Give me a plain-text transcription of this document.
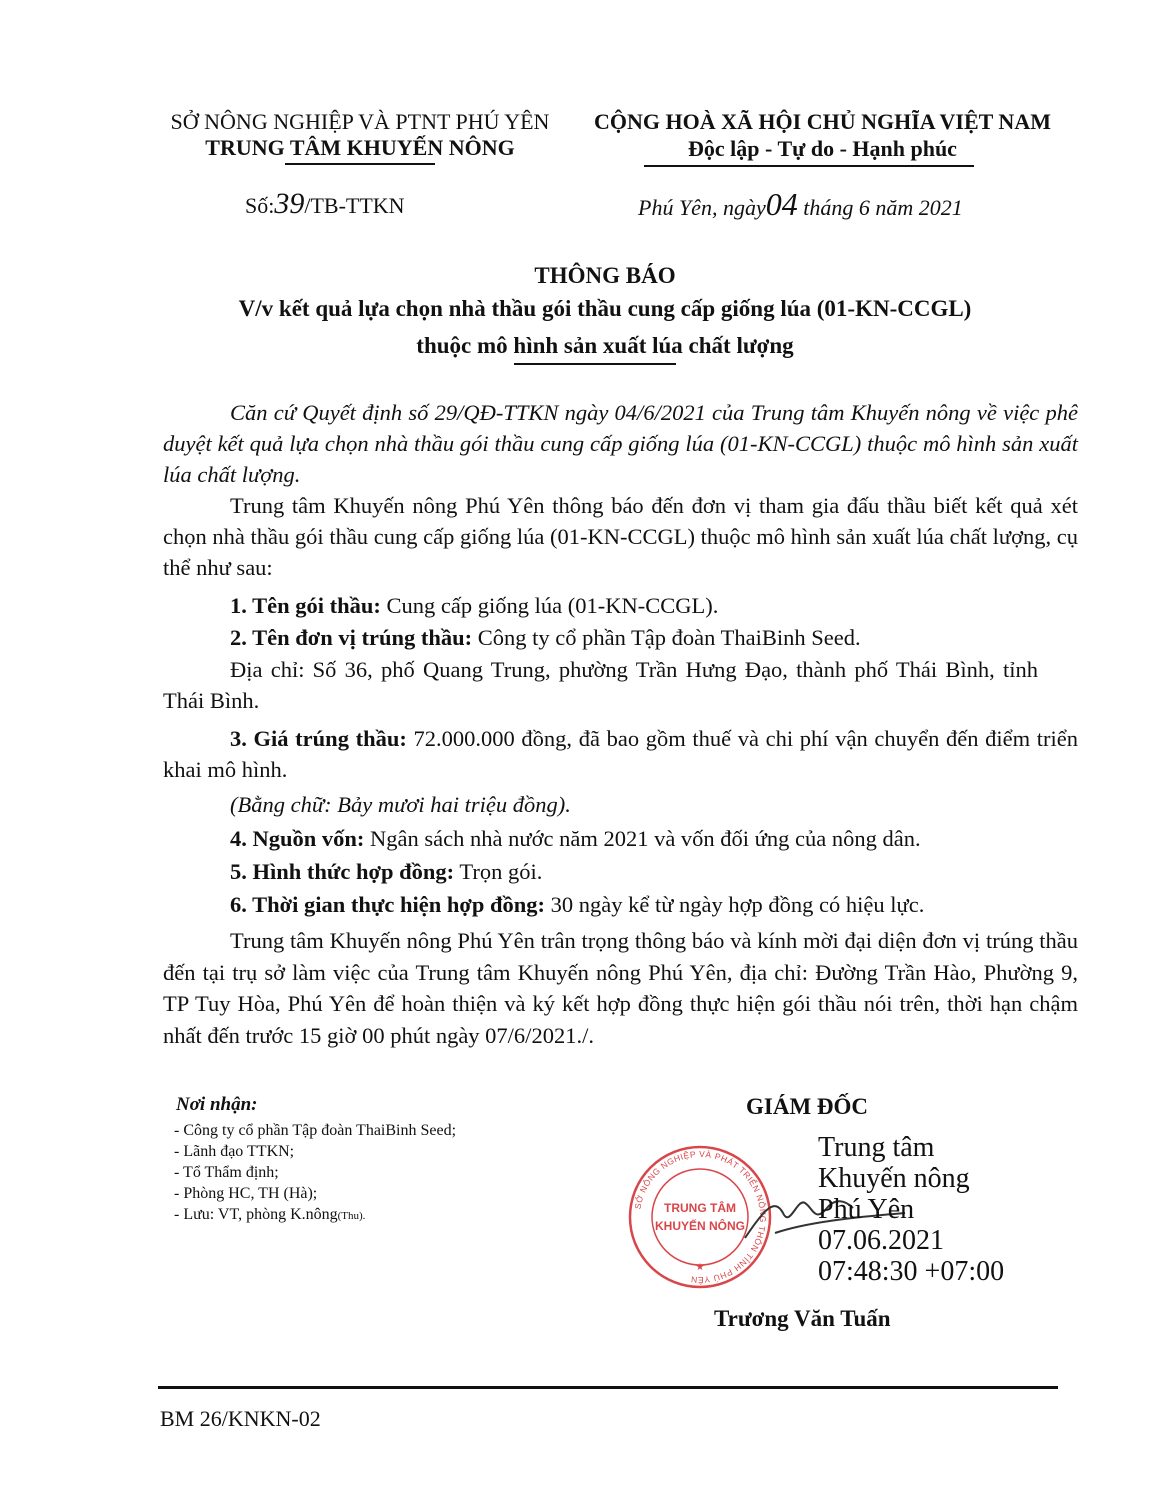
SỞ NÔNG NGHIỆP VÀ PTNT PHÚ YÊN
TRUNG TÂM KHUYẾN NÔNG
CỘNG HOÀ XÃ HỘI CHỦ NGHĨA VIỆT NAM
Độc lập - Tự do - Hạnh phúc
Số:39/TB-TTKN	Phú Yên, ngày04 tháng 6 năm 2021
THÔNG BÁO
V/v kết quả lựa chọn nhà thầu gói thầu cung cấp giống lúa (01-KN-CCGL)
thuộc mô hình sản xuất lúa chất lượng
Căn cứ Quyết định số 29/QĐ-TTKN ngày 04/6/2021 của Trung tâm Khuyến nông về việc phê duyệt kết quả lựa chọn nhà thầu gói thầu cung cấp giống lúa (01-KN-CCGL) thuộc mô hình sản xuất lúa chất lượng.
Trung tâm Khuyến nông Phú Yên thông báo đến đơn vị tham gia đấu thầu biết kết quả xét chọn nhà thầu gói thầu cung cấp giống lúa (01-KN-CCGL) thuộc mô hình sản xuất lúa chất lượng, cụ thể như sau:
1. Tên gói thầu: Cung cấp giống lúa (01-KN-CCGL).
2. Tên đơn vị trúng thầu: Công ty cổ phần Tập đoàn ThaiBinh Seed.
Địa chỉ: Số 36, phố Quang Trung, phường Trần Hưng Đạo, thành phố Thái Bình, tỉnh Thái Bình.
3. Giá trúng thầu: 72.000.000 đồng, đã bao gồm thuế và chi phí vận chuyển đến điểm triển khai mô hình.
(Bằng chữ: Bảy mươi hai triệu đồng).
4. Nguồn vốn: Ngân sách nhà nước năm 2021 và vốn đối ứng của nông dân.
5. Hình thức hợp đồng: Trọn gói.
6. Thời gian thực hiện hợp đồng: 30 ngày kể từ ngày hợp đồng có hiệu lực.
Trung tâm Khuyến nông Phú Yên trân trọng thông báo và kính mời đại diện đơn vị trúng thầu đến tại trụ sở làm việc của Trung tâm Khuyến nông Phú Yên, địa chỉ: Đường Trần Hào, Phường 9, TP Tuy Hòa, Phú Yên để hoàn thiện và ký kết hợp đồng thực hiện gói thầu nói trên, thời hạn chậm nhất đến trước 15 giờ 00 phút ngày 07/6/2021./.
Nơi nhận:
- Công ty cổ phần Tập đoàn ThaiBinh Seed;
- Lãnh đạo TTKN;
- Tổ Thẩm định;
- Phòng HC, TH (Hà);
- Lưu: VT, phòng K.nông(Thu).
GIÁM ĐỐC
SỞ NÔNG NGHIỆP VÀ PHÁT TRIỂN NÔNG THÔN TỈNH PHÚ YÊN
TRUNG TÂM
KHUYẾN NÔNG
★
Trung tâm
Khuyến nông
Phú Yên
07.06.2021
07:48:30 +07:00
Trương Văn Tuấn
BM 26/KNKN-02
